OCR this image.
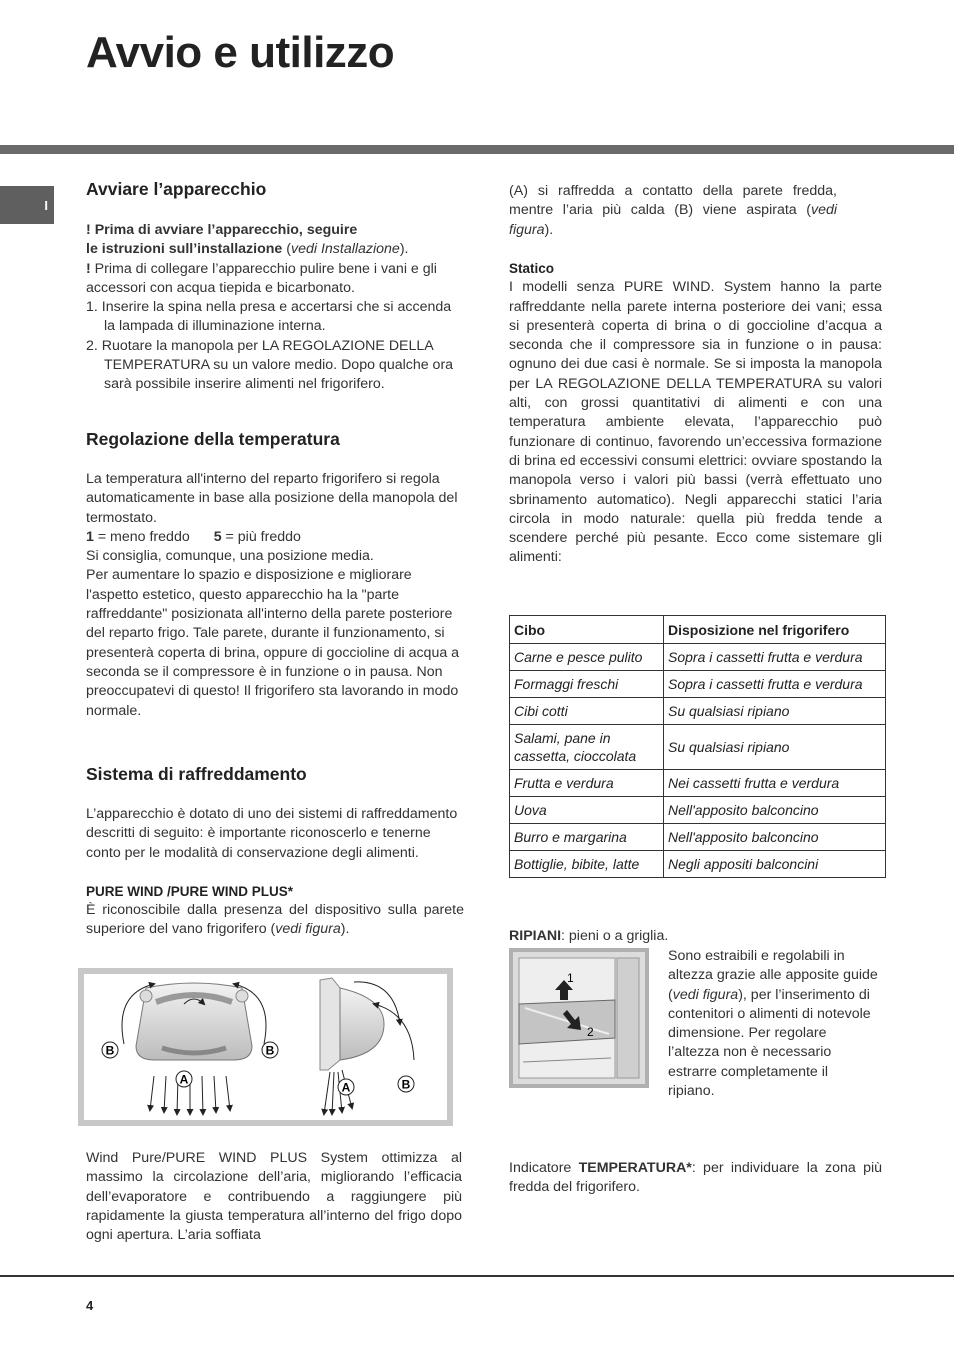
Avvio e utilizzo
I
Avviare l’apparecchio

! Prima di avviare l’apparecchio, seguire
le istruzioni sull’installazione (vedi Installazione).

! Prima di collegare l’apparecchio pulire bene i vani e gli accessori con acqua tiepida e bicarbonato.

1. Inserire la spina nella presa e accertarsi che si accenda la lampada di illuminazione interna.

2. Ruotare la manopola per LA REGOLAZIONE DELLA TEMPERATURA su un valore medio. Dopo qualche ora sarà possibile inserire alimenti nel frigorifero.

Regolazione della temperatura

La temperatura all'interno del reparto frigorifero si regola automaticamente in base alla posizione della manopola del termostato.

1 = meno freddo 5 = più freddo

Si consiglia, comunque, una posizione media.

Per aumentare lo spazio e disposizione e migliorare l'aspetto estetico, questo apparecchio ha la "parte raffreddante" posizionata all'interno della parete posteriore del reparto frigo. Tale parete, durante il funzionamento, si presenterà coperta di brina, oppure di goccioline di acqua a seconda se il compressore è in funzione o in pausa. Non preoccupatevi di questo! Il frigorifero sta lavorando in modo normale.

Sistema di raffreddamento

L’apparecchio è dotato di uno dei sistemi di raffreddamento descritti di seguito: è importante riconoscerlo e tenerne conto per le modalità di conservazione degli alimenti.

PURE WIND /PURE WIND PLUS*

È riconoscibile dalla presenza del dispositivo sulla parete superiore del vano frigorifero (vedi figura).

B	B
A
A	B
Wind Pure/PURE WIND PLUS System ottimizza al massimo la circolazione dell’aria, migliorando l’efficacia dell’evaporatore e contribuendo a raggiungere più rapidamente la giusta temperatura all’interno del frigo dopo ogni apertura. L’aria soffiata

(A) si raffredda a contatto della parete fredda, mentre l’aria più calda (B) viene aspirata (vedi figura).

Statico

I modelli senza PURE WIND. System hanno la parte raffreddante nella parete interna posteriore dei vani; essa si presenterà coperta di brina o di goccioline d’acqua a seconda che il compressore sia in funzione o in pausa: ognuno dei due casi è normale. Se si imposta la manopola per LA REGOLAZIONE DELLA TEMPERATURA su valori alti, con grossi quantitativi di alimenti e con una temperatura ambiente elevata, l’apparecchio può funzionare di continuo, favorendo un’eccessiva formazione di brina ed eccessivi consumi elettrici: ovviare spostando la manopola verso i valori più bassi (verrà effettuato uno sbrinamento automatico). Negli apparecchi statici l’aria circola in modo naturale: quella più fredda tende a scendere perché più pesante. Ecco come sistemare gli alimenti:

Cibo	Disposizione nel frigorifero
Carne e pesce pulito	Sopra i cassetti frutta e verdura
Formaggi freschi	Sopra i cassetti frutta e verdura
Cibi cotti	Su qualsiasi ripiano
Salami, pane in cassetta, cioccolata	Su qualsiasi ripiano
Frutta e verdura	Nei cassetti frutta e verdura
Uova	Nell'apposito balconcino
Burro e margarina	Nell'apposito balconcino
Bottiglie, bibite, latte	Negli appositi balconcini
RIPIANI: pieni o a griglia.
1
2
Sono estraibili e regolabili in altezza grazie alle apposite guide (vedi figura), per l’inserimento di contenitori o alimenti di notevole dimensione. Per regolare l’altezza non è necessario estrarre completamente il ripiano.
Indicatore TEMPERATURA*: per individuare la zona più fredda del frigorifero.
4
